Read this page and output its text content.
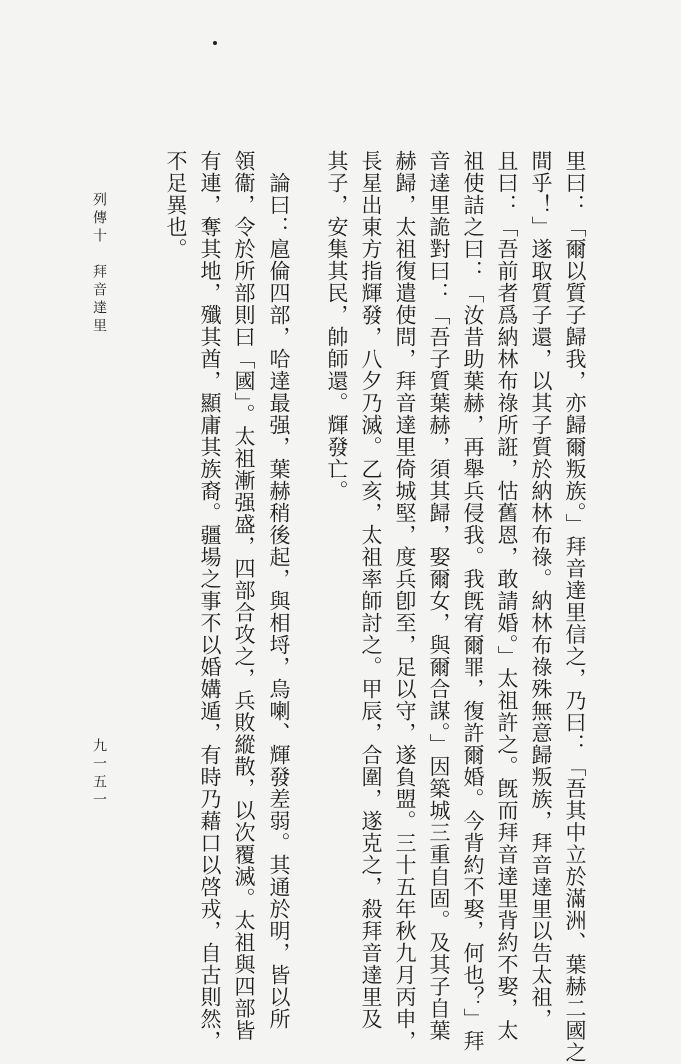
里曰：「爾以質子歸我，亦歸爾叛族。」拜音達里信之，乃曰：「吾其中立於滿洲、葉赫二國之
間乎！」遂取質子還，以其子質於納林布祿。納林布祿殊無意歸叛族，拜音達里以告太祖，
且曰：「吾前者爲納林布祿所誑，怙舊恩，敢請婚。」太祖許之。旣而拜音達里背約不娶，太
祖使詰之曰：「汝昔助葉赫，再舉兵侵我。我旣宥爾罪，復許爾婚。今背約不娶，何也？」拜
音達里詭對曰：「吾子質葉赫，須其歸，娶爾女，與爾合謀。」因築城三重自固。及其子自葉
赫歸，太祖復遣使問，拜音達里倚城堅，度兵卽至，足以守，遂負盟。三十五年秋九月丙申，
長星出東方指輝發，八夕乃滅。乙亥，太祖率師討之。甲辰，合圍，遂克之，殺拜音達里及
其子，安集其民，帥師還。輝發亡。
論曰：扈倫四部，哈達最强，葉赫稍後起，與相埒，烏喇、輝發差弱。其通於明，皆以所
領衞，令於所部則曰「國」。太祖漸强盛，四部合攻之，兵敗縱散，以次覆滅。太祖與四部皆
有連，奪其地，殲其酋，顯庸其族裔。疆場之事不以婚媾遁，有時乃藉口以啓戎，自古則然，
不足異也。
列傳十　拜音達里
九一五一
